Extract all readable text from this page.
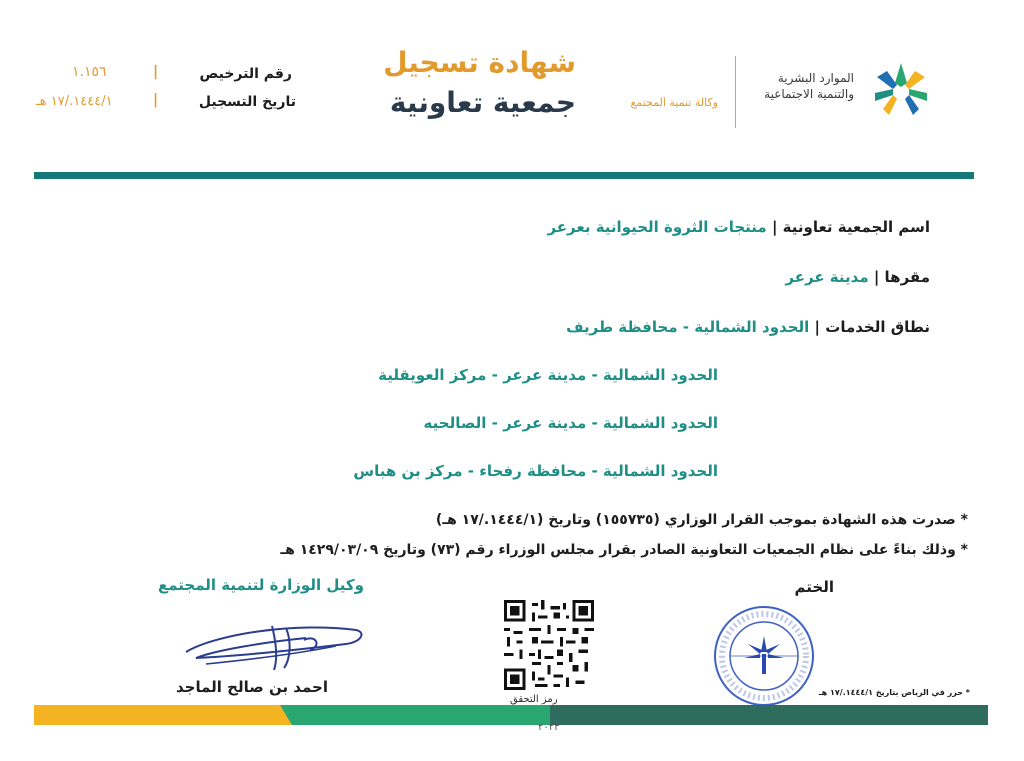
الموارد البشرية
والتنمية الاجتماعية
وكالة تنمية المجتمع
شهادة تسجيل
جمعية تعاونية
رقم الترخيص
|
١.١٥٦
تاريخ التسجيل
|
١٤٤٤/١./١٧ هـ
اسم الجمعية تعاونية | منتجات الثروة الحيوانية بعرعر
مقرها | مدينة عرعر
نطاق الخدمات | الحدود الشمالية - محافظة طريف
الحدود الشمالية - مدينة عرعر - مركز العويقلية
الحدود الشمالية - مدينة عرعر - الصالحيه
الحدود الشمالية - محافظة رفحاء - مركز بن هباس
* صدرت هذه الشهادة بموجب القرار الوزاري (١٥٥٧٣٥) وتاريخ (١٤٤٤/١./١٧ هـ)
* وذلك بناءً على نظام الجمعيات التعاونية الصادر بقرار مجلس الوزراء رقم (٧٣) وتاريخ ١٤٢٩/٠٣/٠٩ هـ
الختم
وكيل الوزارة لتنمية المجتمع
احمد بن صالح الماجد
رمز التحقق
* حرر في الرياض بتاريخ ١٤٤٤/١./١٧ هـ
٢٠٢٣
